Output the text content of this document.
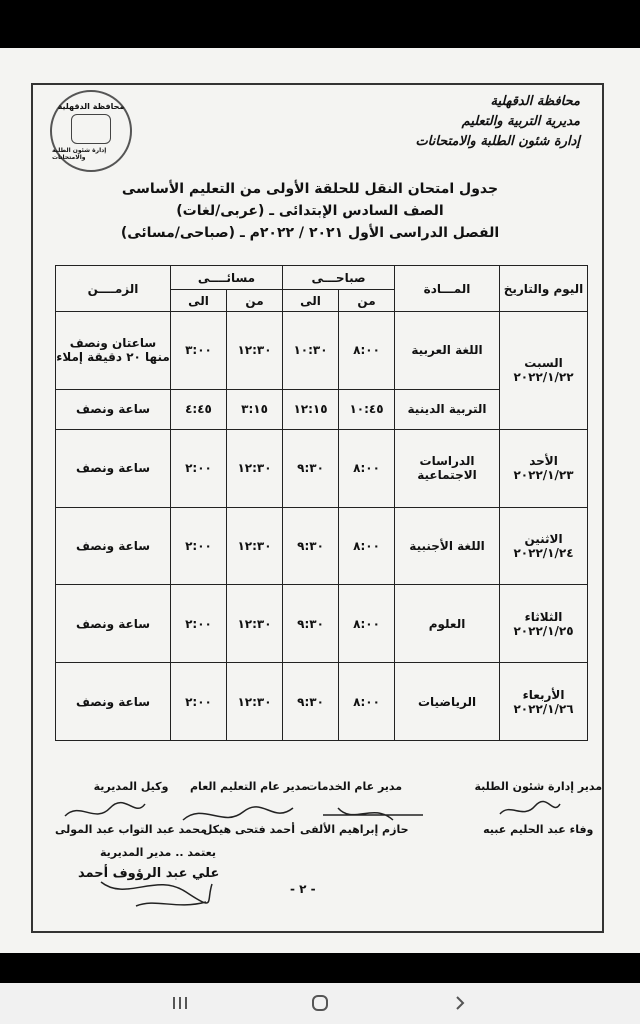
محافظة الدقهلية
إدارة شئون الطلبة والامتحانات
محافظة الدقهلية
مديرية التربية والتعليم
إدارة شئون الطلبة والامتحانات
جدول امتحان النقل للحلقة الأولى من التعليم الأساسى
الصف السادس الإبتدائى ـ (عربى/لغات)
الفصل الدراسى الأول ٢٠٢١ / ٢٠٢٢م ـ (صباحى/مسائى)
اليوم والتاريخ	المـــادة	صباحـــى		مسائــــى		الزمــــن
		من	الى	من	الى	

السبت
٢٠٢٢/١/٢٢	اللغة العربية	٨:٠٠	١٠:٣٠	١٢:٣٠	٣:٠٠	ساعتان ونصف منها ٢٠ دقيقة إملاء
	التربية الدينية	١٠:٤٥	١٢:١٥	٣:١٥	٤:٤٥	ساعة ونصف

الأحد
٢٠٢٢/١/٢٣	الدراسات الاجتماعية	٨:٠٠	٩:٣٠	١٢:٣٠	٢:٠٠	ساعة ونصف

الاثنين
٢٠٢٢/١/٢٤	اللغة الأجنبية	٨:٠٠	٩:٣٠	١٢:٣٠	٢:٠٠	ساعة ونصف

الثلاثاء
٢٠٢٢/١/٢٥	العلوم	٨:٠٠	٩:٣٠	١٢:٣٠	٢:٠٠	ساعة ونصف

الأربعاء
٢٠٢٢/١/٢٦	الرياضيات	٨:٠٠	٩:٣٠	١٢:٣٠	٢:٠٠	ساعة ونصف
مدير إدارة شئون الطلبة
وفاء عبد الحليم عبيه
مدير عام الخدمات
حازم إبراهيم الألفى
مدير عام التعليم العام
أحمد فتحى هيكل
وكيل المديرية
محمد عبد التواب عبد المولى
يعتمد .. مدير المديرية
علي عبد الرؤوف أحمد
- ٢ -
